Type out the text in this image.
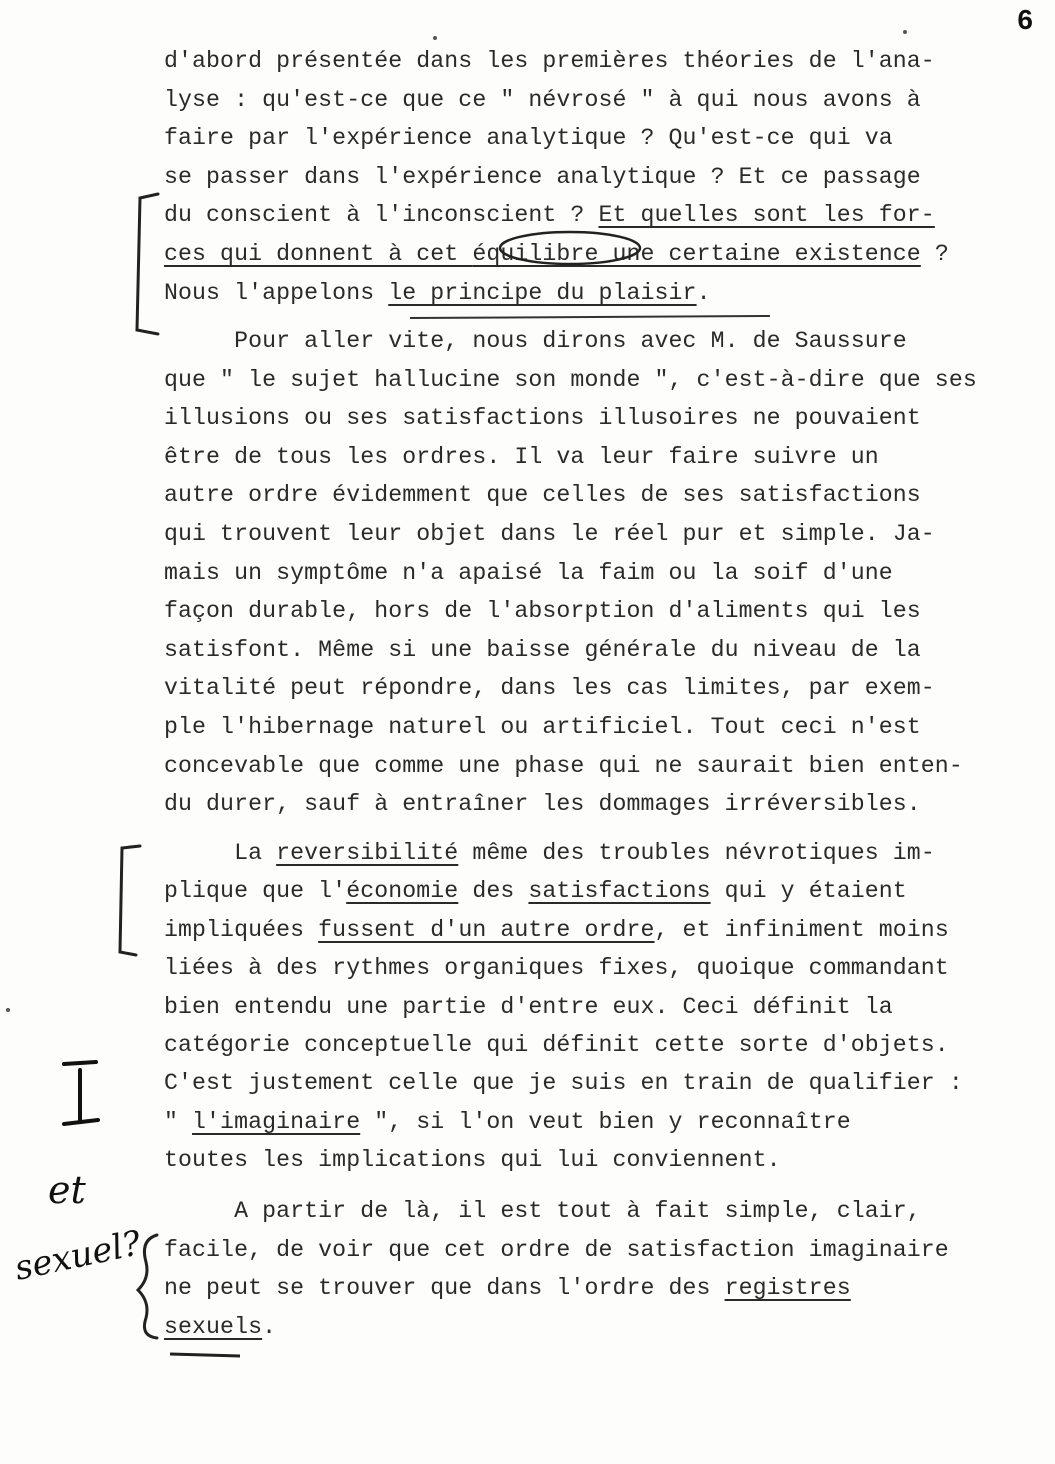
6
d'abord présentée dans les premières théories de l'ana-
lyse : qu'est-ce que ce " névrosé " à qui nous avons à
faire par l'expérience analytique ? Qu'est-ce qui va
se passer dans l'expérience analytique ? Et ce passage
du conscient à l'inconscient ? Et quelles sont les for-
ces qui donnent à cet équilibre une certaine existence ?
Nous l'appelons le principe du plaisir.
Pour aller vite, nous dirons avec M. de Saussure
que " le sujet hallucine son monde ", c'est-à-dire que ses
illusions ou ses satisfactions illusoires ne pouvaient
être de tous les ordres. Il va leur faire suivre un
autre ordre évidemment que celles de ses satisfactions
qui trouvent leur objet dans le réel pur et simple. Ja-
mais un symptôme n'a apaisé la faim ou la soif d'une
façon durable, hors de l'absorption d'aliments qui les
satisfont. Même si une baisse générale du niveau de la
vitalité peut répondre, dans les cas limites, par exem-
ple l'hibernage naturel ou artificiel. Tout ceci n'est
concevable que comme une phase qui ne saurait bien enten-
du durer, sauf à entraîner les dommages irréversibles.
La reversibilité même des troubles névrotiques im-
plique que l'économie des satisfactions qui y étaient
impliquées fussent d'un autre ordre, et infiniment moins
liées à des rythmes organiques fixes, quoique commandant
bien entendu une partie d'entre eux. Ceci définit la
catégorie conceptuelle qui définit cette sorte d'objets.
C'est justement celle que je suis en train de qualifier :
" l'imaginaire ", si l'on veut bien y reconnaître
toutes les implications qui lui conviennent.
A partir de là, il est tout à fait simple, clair,
facile, de voir que cet ordre de satisfaction imaginaire
ne peut se trouver que dans l'ordre des registres
sexuels.
et
sexuel?
